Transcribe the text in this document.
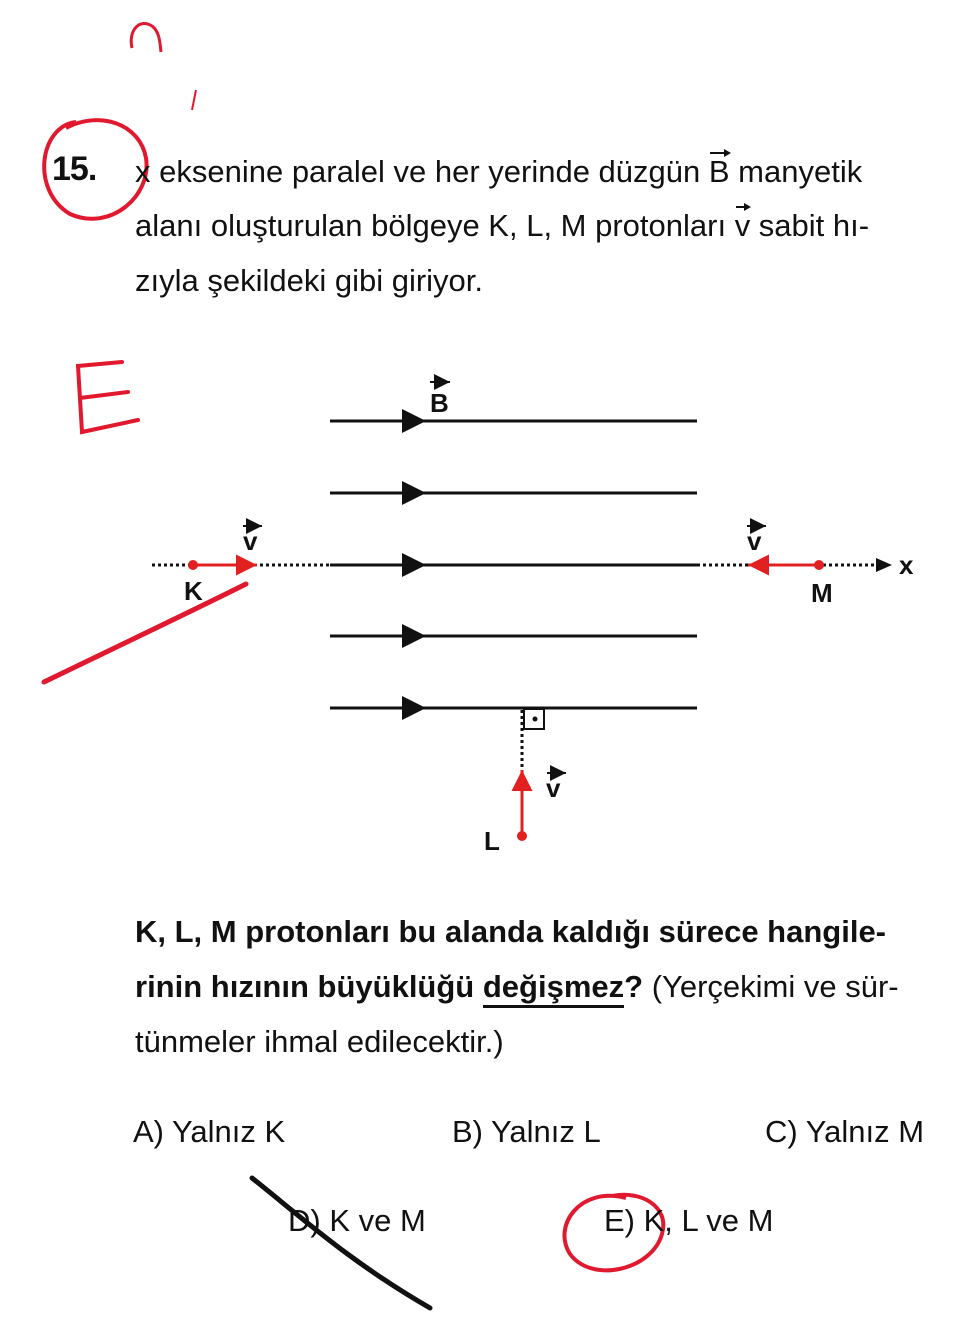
15. x eksenine paralel ve her yerinde düzgün B manyetik
alanı oluşturulan bölgeye K, L, M protonları v sabit hı-
zıyla şekildeki gibi giriyor.
B
x
v
K
v
M
v
L
K, L, M protonları bu alanda kaldığı sürece hangile-
rinin hızının büyüklüğü değişmez? (Yerçekimi ve sür-
tünmeler ihmal edilecektir.)
A) Yalnız K	B) Yalnız L	C) Yalnız M
D) K ve M	E) K, L ve M
